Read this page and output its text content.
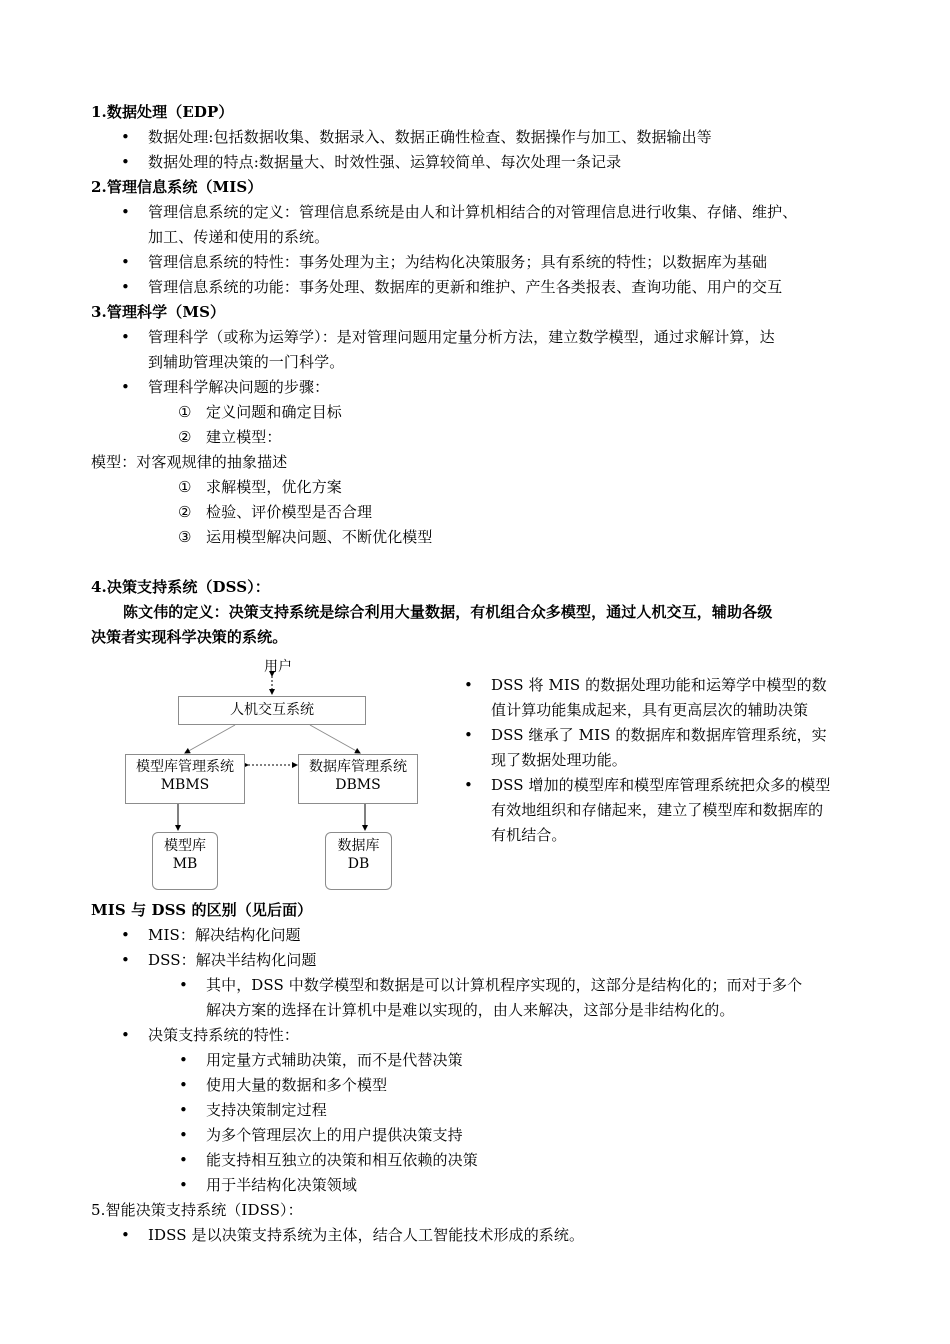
1.数据处理（EDP）
• 数据处理:包括数据收集、数据录入、数据正确性检查、数据操作与加工、数据输出等
• 数据处理的特点:数据量大、时效性强、运算较简单、每次处理一条记录
2.管理信息系统（MIS）
• 管理信息系统的定义：管理信息系统是由人和计算机相结合的对管理信息进行收集、存储、维护、
加工、传递和使用的系统。
• 管理信息系统的特性：事务处理为主；为结构化决策服务；具有系统的特性；以数据库为基础
• 管理信息系统的功能：事务处理、数据库的更新和维护、产生各类报表、查询功能、用户的交互
3.管理科学（MS）
• 管理科学（或称为运筹学）：是对管理问题用定量分析方法，建立数学模型，通过求解计算，达
到辅助管理决策的一门科学。
• 管理科学解决问题的步骤：
① 定义问题和确定目标
② 建立模型：
模型：对客观规律的抽象描述
① 求解模型，优化方案
② 检验、评价模型是否合理
③ 运用模型解决问题、不断优化模型
4.决策支持系统（DSS）：
陈文伟的定义：决策支持系统是综合利用大量数据，有机组合众多模型，通过人机交互，辅助各级
决策者实现科学决策的系统。
用户
人机交互系统
模型库管理系统
MBMS
数据库管理系统
DBMS
模型库
MB
数据库
DB
• DSS 将 MIS 的数据处理功能和运筹学中模型的数
值计算功能集成起来，具有更高层次的辅助决策
• DSS 继承了 MIS 的数据库和数据库管理系统，实
现了数据处理功能。
• DSS 增加的模型库和模型库管理系统把众多的模型
有效地组织和存储起来，建立了模型库和数据库的
有机结合。
MIS 与 DSS 的区别（见后面）
• MIS：解决结构化问题
• DSS：解决半结构化问题
• 其中，DSS 中数学模型和数据是可以计算机程序实现的，这部分是结构化的；而对于多个
解决方案的选择在计算机中是难以实现的，由人来解决，这部分是非结构化的。
• 决策支持系统的特性：
• 用定量方式辅助决策，而不是代替决策
• 使用大量的数据和多个模型
• 支持决策制定过程
• 为多个管理层次上的用户提供决策支持
• 能支持相互独立的决策和相互依赖的决策
• 用于半结构化决策领域
5.智能决策支持系统（IDSS）：
• IDSS 是以决策支持系统为主体，结合人工智能技术形成的系统。
